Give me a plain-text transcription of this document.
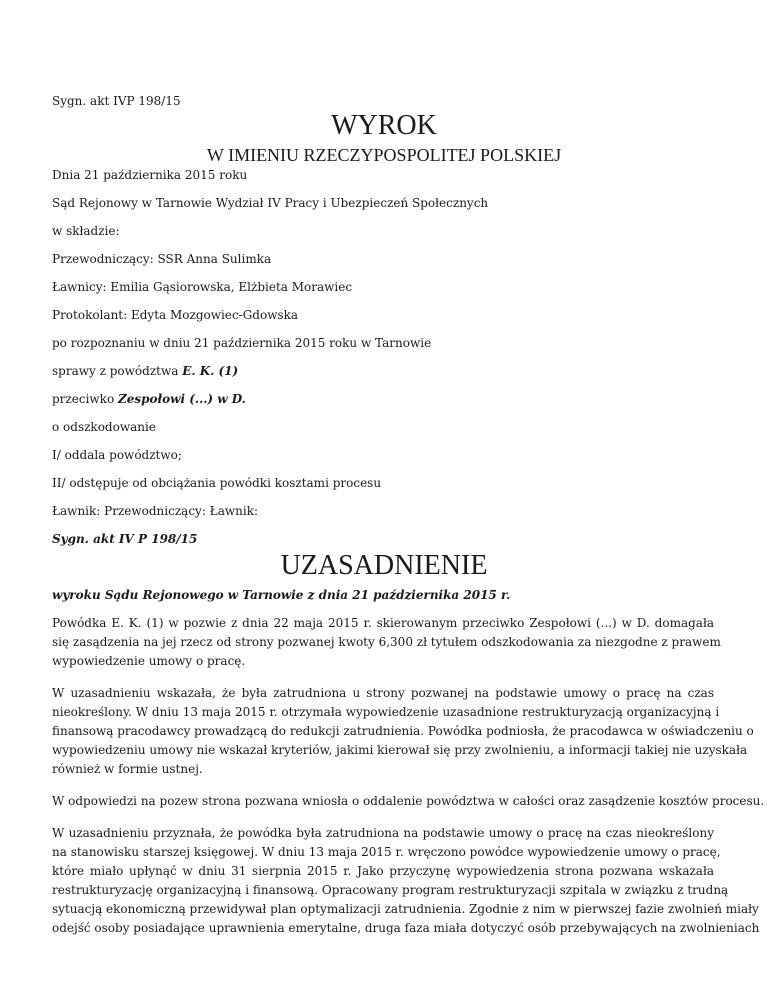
Sygn. akt IVP 198/15
WYROK
W IMIENIU RZECZYPOSPOLITEJ POLSKIEJ
Dnia 21 października 2015 roku
Sąd Rejonowy w Tarnowie Wydział IV Pracy i Ubezpieczeń Społecznych
w składzie:
Przewodniczący: SSR Anna Sulimka
Ławnicy: Emilia Gąsiorowska, Elżbieta Morawiec
Protokolant: Edyta Mozgowiec-Gdowska
po rozpoznaniu w dniu 21 października 2015 roku w Tarnowie
sprawy z powództwa E. K. (1)
przeciwko Zespołowi (...) w D.
o odszkodowanie
I/ oddala powództwo;
II/ odstępuje od obciążania powódki kosztami procesu
Ławnik: Przewodniczący: Ławnik:
Sygn. akt IV P 198/15
UZASADNIENIE
wyroku Sądu Rejonowego w Tarnowie z dnia 21 października 2015 r.
Powódka E. K. (1) w pozwie z dnia 22 maja 2015 r. skierowanym przeciwko Zespołowi (...) w D. domagała
się zasądzenia na jej rzecz od strony pozwanej kwoty 6,300 zł tytułem odszkodowania za niezgodne z prawem
wypowiedzenie umowy o pracę.
W uzasadnieniu wskazała, że była zatrudniona u strony pozwanej na podstawie umowy o pracę na czas
nieokreślony. W dniu 13 maja 2015 r. otrzymała wypowiedzenie uzasadnione restrukturyzacją organizacyjną i
finansową pracodawcy prowadzącą do redukcji zatrudnienia. Powódka podniosła, że pracodawca w oświadczeniu o
wypowiedzeniu umowy nie wskazał kryteriów, jakimi kierował się przy zwolnieniu, a informacji takiej nie uzyskała
również w formie ustnej.
W odpowiedzi na pozew strona pozwana wniosła o oddalenie powództwa w całości oraz zasądzenie kosztów procesu.
W uzasadnieniu przyznała, że powódka była zatrudniona na podstawie umowy o pracę na czas nieokreślony
na stanowisku starszej księgowej. W dniu 13 maja 2015 r. wręczono powódce wypowiedzenie umowy o pracę,
które miało upłynąć w dniu 31 sierpnia 2015 r. Jako przyczynę wypowiedzenia strona pozwana wskazała
restrukturyzację organizacyjną i finansową. Opracowany program restrukturyzacji szpitala w związku z trudną
sytuacją ekonomiczną przewidywał plan optymalizacji zatrudnienia. Zgodnie z nim w pierwszej fazie zwolnień miały
odejść osoby posiadające uprawnienia emerytalne, druga faza miała dotyczyć osób przebywających na zwolnieniach
